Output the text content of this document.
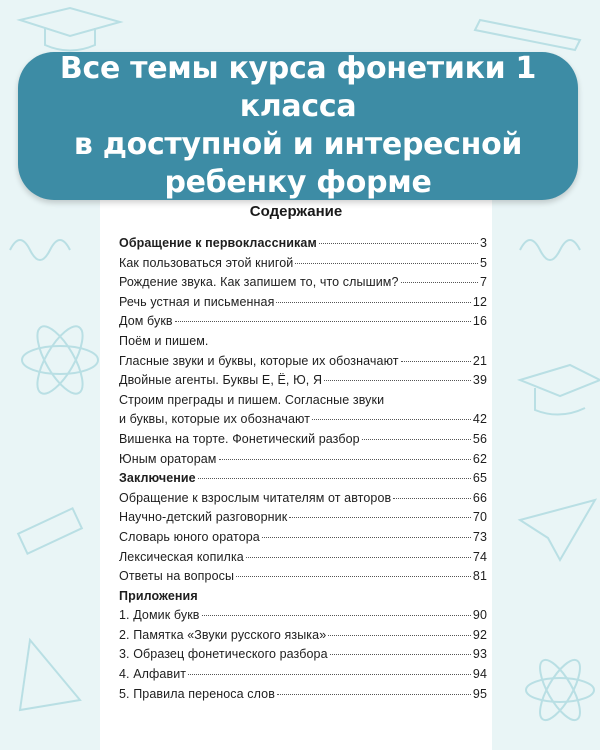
Содержание
Обращение к первоклассникам	3
Как пользоваться этой книгой	5
Рождение звука. Как запишем то, что слышим?	7
Речь устная и письменная	12
Дом букв	16
Поём и пишем.
Гласные звуки и буквы, которые их обозначают	21
Двойные агенты. Буквы Е, Ё, Ю, Я	39
Строим преграды и пишем. Согласные звуки
и буквы, которые их обозначают	42
Вишенка на торте. Фонетический разбор	56
Юным ораторам	62
Заключение	65
Обращение к взрослым читателям от авторов	66
Научно-детский разговорник	70
Словарь юного оратора	73
Лексическая копилка	74
Ответы на вопросы	81
Приложения
1. Домик букв	90
2. Памятка «Звуки русского языка»	92
3. Образец фонетического разбора	93
4. Алфавит	94
5. Правила переноса слов	95

Все темы курса фонетики 1 класса
в доступной и интересной
ребенку форме
